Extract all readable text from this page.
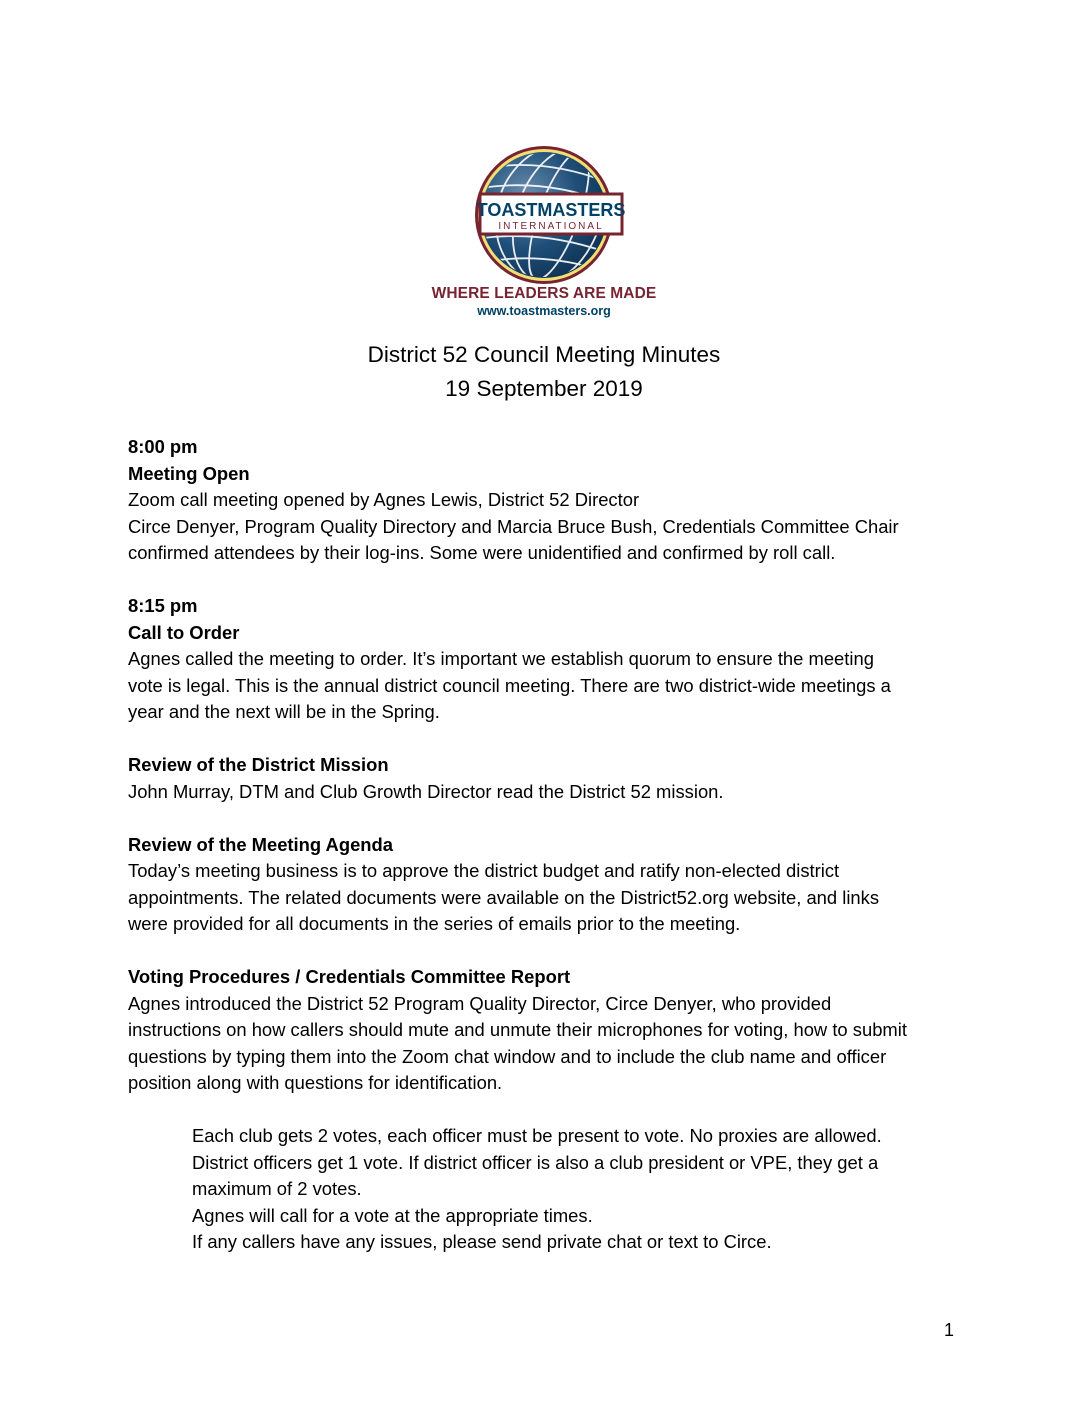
TOASTMASTERS
INTERNATIONAL
WHERE LEADERS ARE MADE
www.toastmasters.org
District 52 Council Meeting Minutes
19 September 2019

8:00 pm

Meeting Open

Zoom call meeting opened by Agnes Lewis, District 52 Director

Circe Denyer, Program Quality Directory and Marcia Bruce Bush, Credentials Committee Chair

confirmed attendees by their log-ins. Some were unidentified and confirmed by roll call.

8:15 pm

Call to Order

Agnes called the meeting to order. It’s important we establish quorum to ensure the meeting

vote is legal. This is the annual district council meeting. There are two district-wide meetings a

year and the next will be in the Spring.

Review of the District Mission

John Murray, DTM and Club Growth Director read the District 52 mission.

Review of the Meeting Agenda

Today’s meeting business is to approve the district budget and ratify non-elected district

appointments. The related documents were available on the District52.org website, and links

were provided for all documents in the series of emails prior to the meeting.

Voting Procedures / Credentials Committee Report

Agnes introduced the District 52 Program Quality Director, Circe Denyer, who provided

instructions on how callers should mute and unmute their microphones for voting, how to submit

questions by typing them into the Zoom chat window and to include the club name and officer

position along with questions for identification.

Each club gets 2 votes, each officer must be present to vote. No proxies are allowed.

District officers get 1 vote. If district officer is also a club president or VPE, they get a

maximum of 2 votes.

Agnes will call for a vote at the appropriate times.

If any callers have any issues, please send private chat or text to Circe.

1
